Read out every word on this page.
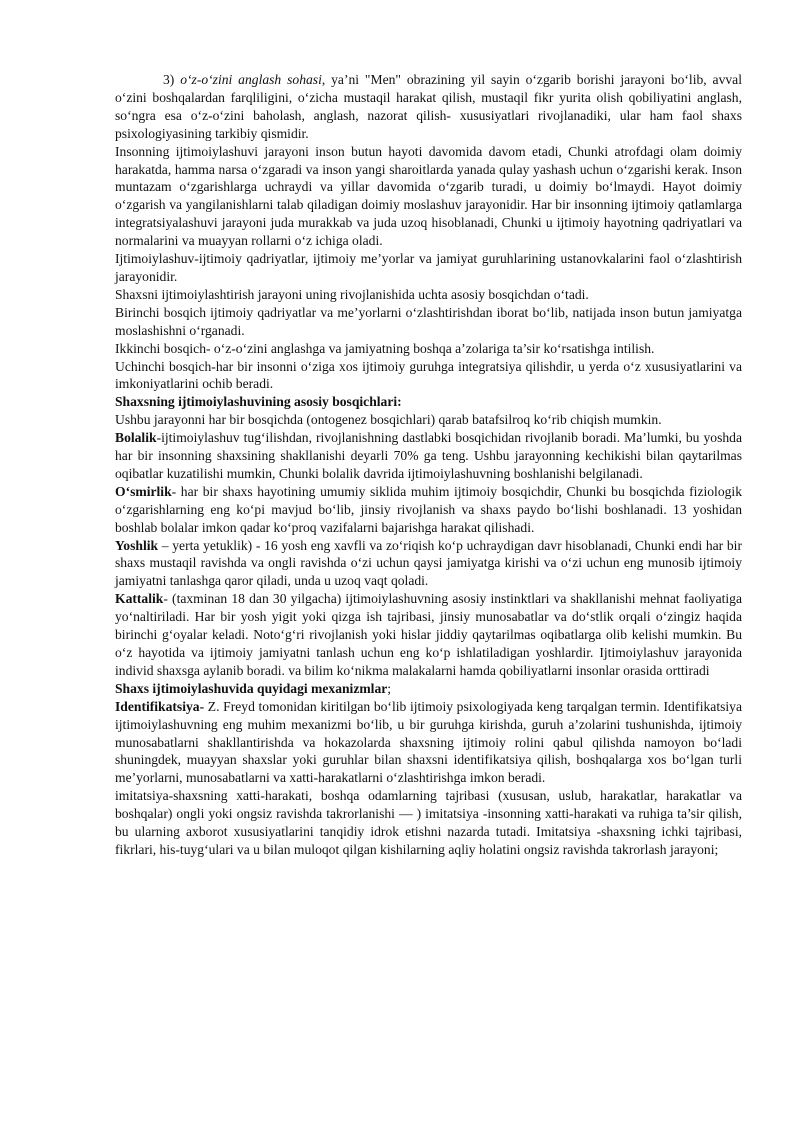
3) o‘z-o‘zini anglash sohasi, ya’ni "Men" obrazining yil sayin o‘zgarib borishi jarayoni bo‘lib, avval o‘zini boshqalardan farqliligini, o‘zicha mustaqil harakat qilish, mustaqil fikr yurita olish qobiliyatini anglash, so‘ngra esa o‘z-o‘zini baholash, anglash, nazorat qilish- xususiyatlari rivojlanadiki, ular ham faol shaxs psixologiyasining tarkibiy qismidir.

Insonning ijtimoiylashuvi jarayoni inson butun hayoti davomida davom etadi, Chunki atrofdagi olam doimiy harakatda, hamma narsa o‘zgaradi va inson yangi sharoitlarda yanada qulay yashash uchun o‘zgarishi kerak. Inson muntazam o‘zgarishlarga uchraydi va yillar davomida o‘zgarib turadi, u doimiy bo‘lmaydi. Hayot doimiy o‘zgarish va yangilanishlarni talab qiladigan doimiy moslashuv jarayonidir. Har bir insonning ijtimoiy qatlamlarga integratsiyalashuvi jarayoni juda murakkab va juda uzoq hisoblanadi, Chunki u ijtimoiy hayotning qadriyatlari va normalarini va muayyan rollarni o‘z ichiga oladi.

Ijtimoiylashuv-ijtimoiy qadriyatlar, ijtimoiy me’yorlar va jamiyat guruhlarining ustanovkalarini faol o‘zlashtirish jarayonidir.

Shaxsni ijtimoiylashtirish jarayoni uning rivojlanishida uchta asosiy bosqichdan o‘tadi.

Birinchi bosqich ijtimoiy qadriyatlar va me’yorlarni o‘zlashtirishdan iborat bo‘lib, natijada inson butun jamiyatga moslashishni o‘rganadi.

Ikkinchi bosqich- o‘z-o‘zini anglashga va jamiyatning boshqa a’zolariga ta’sir ko‘rsatishga intilish.

Uchinchi bosqich-har bir insonni o‘ziga xos ijtimoiy guruhga integratsiya qilishdir, u yerda o‘z xususiyatlarini va imkoniyatlarini ochib beradi.

Shaxsning ijtimoiylashuvining asosiy bosqichlari:

Ushbu jarayonni har bir bosqichda (ontogenez bosqichlari) qarab batafsilroq ko‘rib chiqish mumkin.

Bolalik-ijtimoiylashuv tug‘ilishdan, rivojlanishning dastlabki bosqichidan rivojlanib boradi. Ma’lumki, bu yoshda har bir insonning shaxsining shakllanishi deyarli 70% ga teng. Ushbu jarayonning kechikishi bilan qaytarilmas oqibatlar kuzatilishi mumkin, Chunki bolalik davrida ijtimoiylashuvning boshlanishi belgilanadi.

O‘smirlik- har bir shaxs hayotining umumiy siklida muhim ijtimoiy bosqichdir, Chunki bu bosqichda fiziologik o‘zgarishlarning eng ko‘pi mavjud bo‘lib, jinsiy rivojlanish va shaxs paydo bo‘lishi boshlanadi. 13 yoshidan boshlab bolalar imkon qadar ko‘proq vazifalarni bajarishga harakat qilishadi.

Yoshlik – yerta yetuklik) - 16 yosh eng xavfli va zo‘riqish ko‘p uchraydigan davr hisoblanadi, Chunki endi har bir shaxs mustaqil ravishda va ongli ravishda o‘zi uchun qaysi jamiyatga kirishi va o‘zi uchun eng munosib ijtimoiy jamiyatni tanlashga qaror qiladi, unda u uzoq vaqt qoladi.

Kattalik- (taxminan 18 dan 30 yilgacha) ijtimoiylashuvning asosiy instinktlari va shakllanishi mehnat faoliyatiga yo‘naltiriladi. Har bir yosh yigit yoki qizga ish tajribasi, jinsiy munosabatlar va do‘stlik orqali o‘zingiz haqida birinchi g‘oyalar keladi. Noto‘g‘ri rivojlanish yoki hislar jiddiy qaytarilmas oqibatlarga olib kelishi mumkin. Bu o‘z hayotida va ijtimoiy jamiyatni tanlash uchun eng ko‘p ishlatiladigan yoshlardir. Ijtimoiylashuv jarayonida individ shaxsga aylanib boradi. va bilim ko‘nikma malakalarni hamda qobiliyatlarni insonlar orasida orttiradi

Shaxs ijtimoiylashuvida quyidagi mexanizmlar;

Identifikatsiya- Z. Freyd tomonidan kiritilgan bo‘lib ijtimoiy psixologiyada keng tarqalgan termin. Identifikatsiya ijtimoiylashuvning eng muhim mexanizmi bo‘lib, u bir guruhga kirishda, guruh a’zolarini tushunishda, ijtimoiy munosabatlarni shakllantirishda va hokazolarda shaxsning ijtimoiy rolini qabul qilishda namoyon bo‘ladi shuningdek, muayyan shaxslar yoki guruhlar bilan shaxsni identifikatsiya qilish, boshqalarga xos bo‘lgan turli me’yorlarni, munosabatlarni va xatti-harakatlarni o‘zlashtirishga imkon beradi.

imitatsiya-shaxsning xatti-harakati, boshqa odamlarning tajribasi (xususan, uslub, harakatlar, harakatlar va boshqalar) ongli yoki ongsiz ravishda takrorlanishi — ) imitatsiya -insonning xatti-harakati va ruhiga ta’sir qilish, bu ularning axborot xususiyatlarini tanqidiy idrok etishni nazarda tutadi. Imitatsiya -shaxsning ichki tajribasi, fikrlari, his-tuyg‘ulari va u bilan muloqot qilgan kishilarning aqliy holatini ongsiz ravishda takrorlash jarayoni;
